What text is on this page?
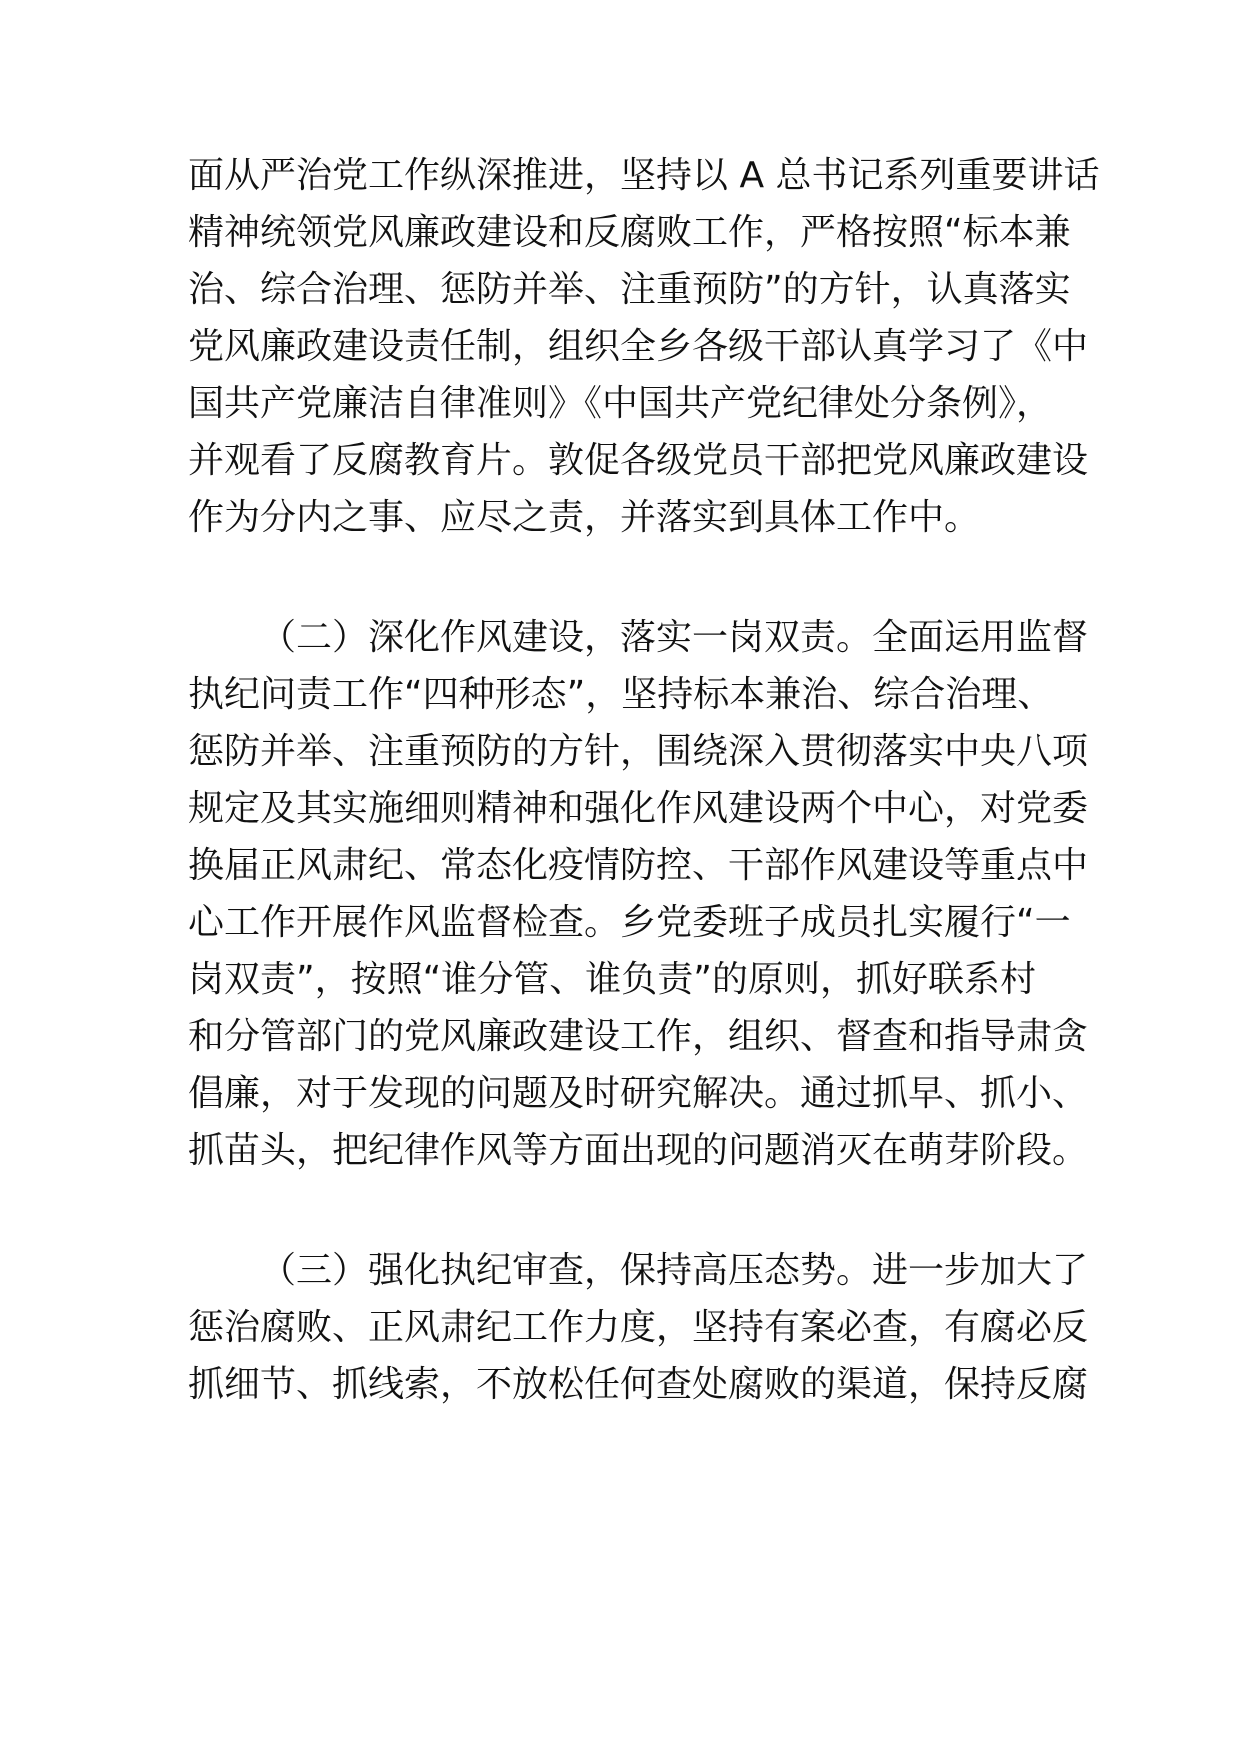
面从严治党工作纵深推进，坚持以 A 总书记系列重要讲话
精神统领党风廉政建设和反腐败工作，严格按照“标本兼
治、综合治理、惩防并举、注重预防”的方针，认真落实
党风廉政建设责任制，组织全乡各级干部认真学习了《中
国共产党廉洁自律准则》《中国共产党纪律处分条例》，
并观看了反腐教育片。敦促各级党员干部把党风廉政建设
作为分内之事、应尽之责，并落实到具体工作中。
（二）深化作风建设，落实一岗双责。全面运用监督
执纪问责工作“四种形态”，坚持标本兼治、综合治理、
惩防并举、注重预防的方针，围绕深入贯彻落实中央八项
规定及其实施细则精神和强化作风建设两个中心，对党委
换届正风肃纪、常态化疫情防控、干部作风建设等重点中
心工作开展作风监督检查。乡党委班子成员扎实履行“一
岗双责”，按照“谁分管、谁负责”的原则，抓好联系村
和分管部门的党风廉政建设工作，组织、督查和指导肃贪
倡廉，对于发现的问题及时研究解决。通过抓早、抓小、
抓苗头，把纪律作风等方面出现的问题消灭在萌芽阶段。
（三）强化执纪审查，保持高压态势。进一步加大了
惩治腐败、正风肃纪工作力度，坚持有案必查，有腐必反
抓细节、抓线索，不放松任何查处腐败的渠道，保持反腐
